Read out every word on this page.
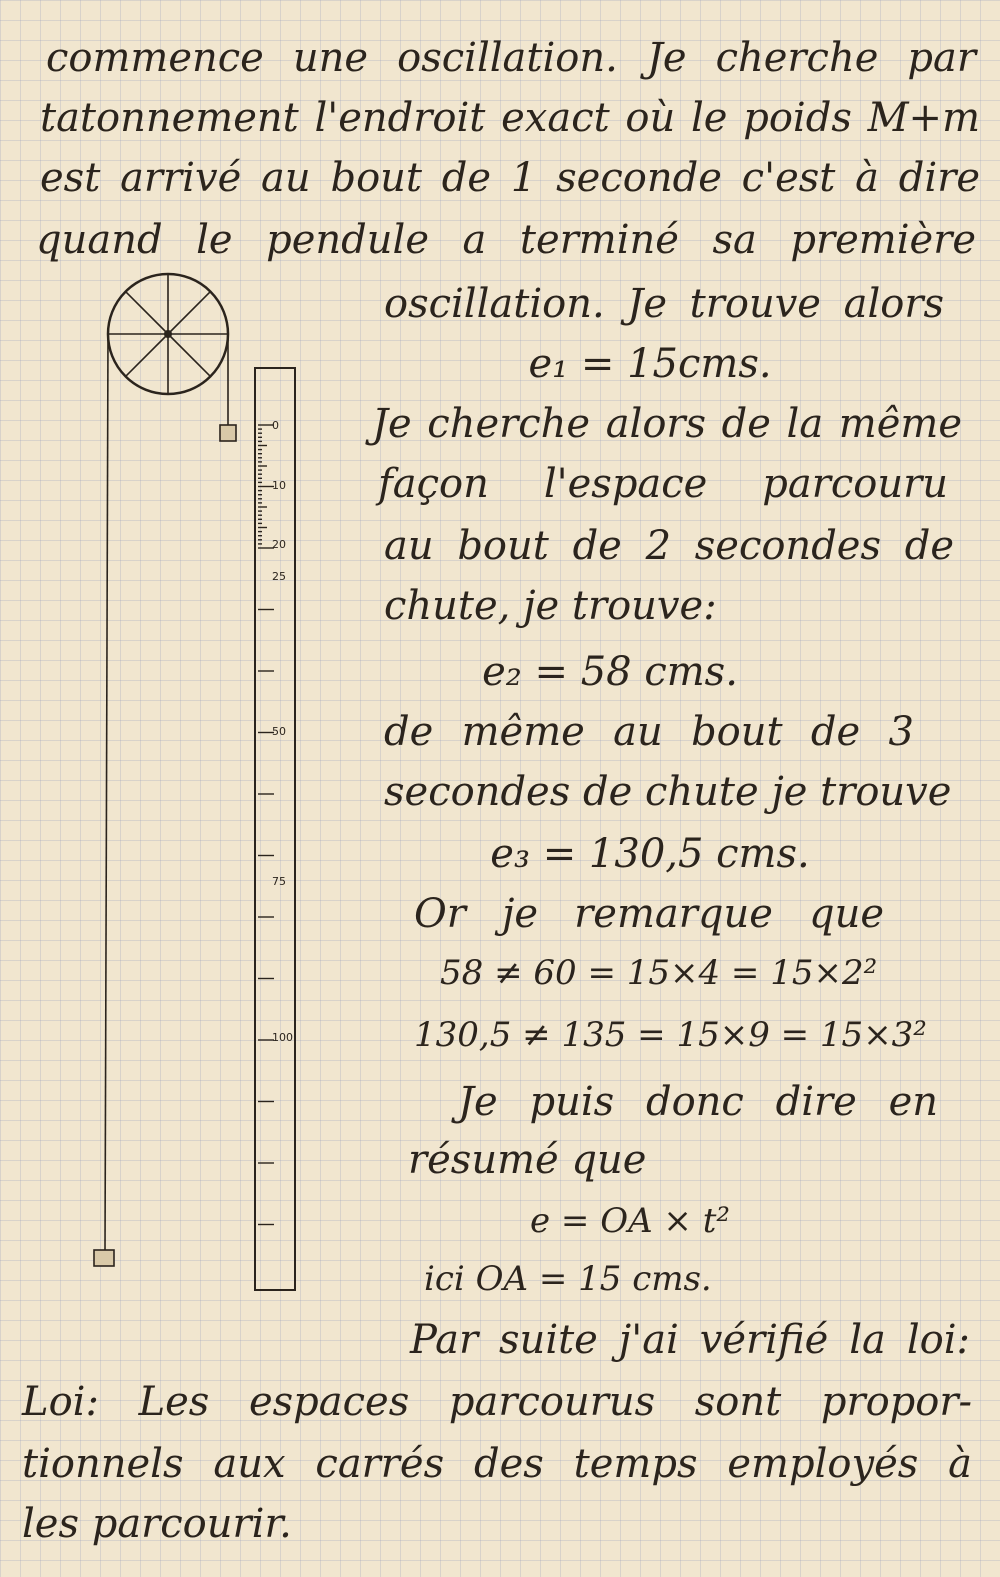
0
10
20
25
50
75
100

commence une oscillation. Je cherche par

tatonnement l'endroit exact où le poids M+m

est arrivé au bout de 1 seconde c'est à dire

quand le pendule a terminé sa première

oscillation. Je trouve alors

e₁ = 15cms.

Je cherche alors de la même

façon l'espace parcouru

au bout de 2 secondes de

chute, je trouve:

e₂ = 58 cms.

de même au bout de 3

secondes de chute je trouve

e₃ = 130,5 cms.

Or je remarque que

58 ≠ 60 = 15×4 = 15×2²

130,5 ≠ 135 = 15×9 = 15×3²

Je puis donc dire en

résumé que

e = OA × t²

ici OA = 15 cms.

Par suite j'ai vérifié la loi:

Loi: Les espaces parcourus sont propor-

tionnels aux carrés des temps employés à

les parcourir.
